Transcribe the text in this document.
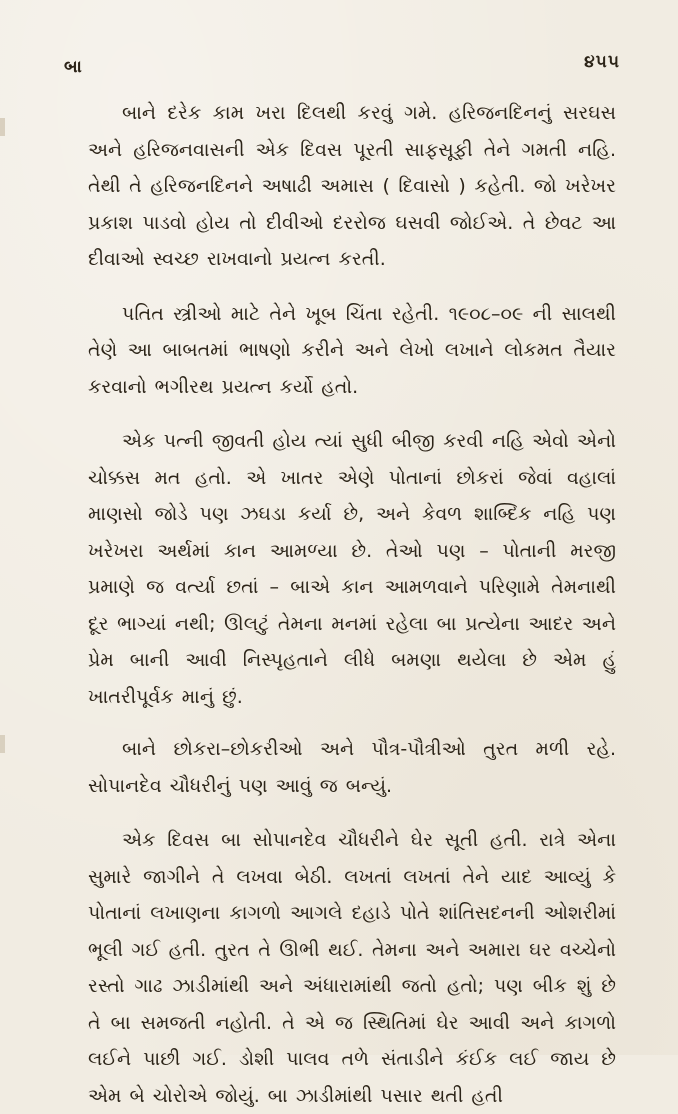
બા	૪૫૫

બાને દરેક કામ ખરા દિલથી કરવું ગમે. હરિજનદિનનું સરઘસ અને હરિજનવાસની એક દિવસ પૂરતી સાફસૂફી તેને ગમતી નહિ. તેથી તે હરિજનદિનને અષાઢી અમાસ ( દિવાસો ) કહેતી. જો ખરેખર પ્રકાશ પાડવો હોય તો દીવીઓ દરરોજ ઘસવી જોઈએ. તે છેવટ આ દીવાઓ સ્વચ્છ રાખવાનો પ્રયત્ન કરતી.

પતિત સ્ત્રીઓ માટે તેને ખૂબ ચિંતા રહેતી. ૧૯૦૮–૦૯ ની સાલથી તેણે આ બાબતમાં ભાષણો કરીને અને લેખો લખાને લોકમત તૈયાર કરવાનો ભગીરથ પ્રયત્ન કર્યો હતો.

એક પત્ની જીવતી હોય ત્યાં સુધી બીજી કરવી નહિ એવો એનો ચોક્કસ મત હતો. એ ખાતર એણે પોતાનાં છોકરાં જેવાં વહાલાં માણસો જોડે પણ ઝઘડા કર્યા છે, અને કેવળ શાબ્દિક નહિ પણ ખરેખરા અર્થમાં કાન આમળ્યા છે. તેઓ પણ – પોતાની મરજી પ્રમાણે જ વર્ત્યા છતાં – બાએ કાન આમળવાને પરિણામે તેમનાથી દૂર ભાગ્યાં નથી; ઊલટું તેમના મનમાં રહેલા બા પ્રત્યેના આદર અને પ્રેમ બાની આવી નિસ્પૃહતાને લીધે બમણા થયેલા છે એમ હું ખાતરીપૂર્વક માનું છું.

બાને છોકરા–છોકરીઓ અને પૌત્ર-પૌત્રીઓ તુરત મળી રહે. સોપાનદેવ ચૌધરીનું પણ આવું જ બન્યું.

એક દિવસ બા સોપાનદેવ ચૌધરીને ઘેર સૂતી હતી. રાત્રે એના સુમારે જાગીને તે લખવા બેઠી. લખતાં લખતાં તેને યાદ આવ્યું કે પોતાનાં લખાણના કાગળો આગલે દહાડે પોતે શાંતિસદનની ઓશરીમાં ભૂલી ગઈ હતી. તુરત તે ઊભી થઈ. તેમના અને અમારા ઘર વચ્ચેનો રસ્તો ગાઢ ઝાડીમાંથી અને અંધારામાંથી જતો હતો; પણ બીક શું છે તે બા સમજતી નહોતી. તે એ જ સ્થિતિમાં ઘેર આવી અને કાગળો લઈને પાછી ગઈ. ડોશી પાલવ તળે સંતાડીને કંઈક લઈ જાય છે એમ બે ચોરોએ જોયું. બા ઝાડીમાંથી પસાર થતી હતી
